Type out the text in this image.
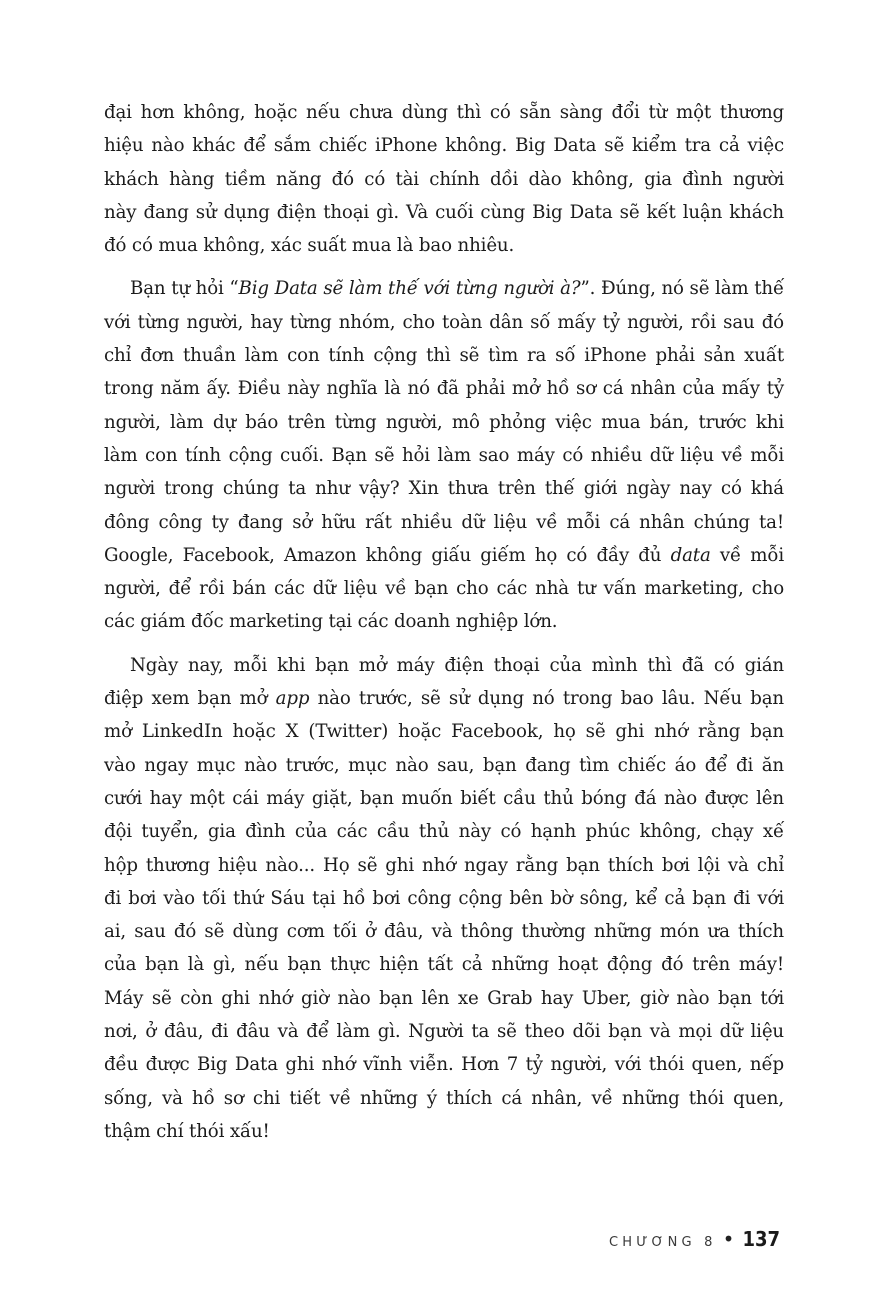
đại hơn không, hoặc nếu chưa dùng thì có sẵn sàng đổi từ một thương
hiệu nào khác để sắm chiếc iPhone không. Big Data sẽ kiểm tra cả việc
khách hàng tiềm năng đó có tài chính dồi dào không, gia đình người
này đang sử dụng điện thoại gì. Và cuối cùng Big Data sẽ kết luận khách
đó có mua không, xác suất mua là bao nhiêu.
Bạn tự hỏi “Big Data sẽ làm thế với từng người à?”. Đúng, nó sẽ làm thế
với từng người, hay từng nhóm, cho toàn dân số mấy tỷ người, rồi sau đó
chỉ đơn thuần làm con tính cộng thì sẽ tìm ra số iPhone phải sản xuất
trong năm ấy. Điều này nghĩa là nó đã phải mở hồ sơ cá nhân của mấy tỷ
người, làm dự báo trên từng người, mô phỏng việc mua bán, trước khi
làm con tính cộng cuối. Bạn sẽ hỏi làm sao máy có nhiều dữ liệu về mỗi
người trong chúng ta như vậy? Xin thưa trên thế giới ngày nay có khá
đông công ty đang sở hữu rất nhiều dữ liệu về mỗi cá nhân chúng ta!
Google, Facebook, Amazon không giấu giếm họ có đầy đủ data về mỗi
người, để rồi bán các dữ liệu về bạn cho các nhà tư vấn marketing, cho
các giám đốc marketing tại các doanh nghiệp lớn.
Ngày nay, mỗi khi bạn mở máy điện thoại của mình thì đã có gián
điệp xem bạn mở app nào trước, sẽ sử dụng nó trong bao lâu. Nếu bạn
mở LinkedIn hoặc X (Twitter) hoặc Facebook, họ sẽ ghi nhớ rằng bạn
vào ngay mục nào trước, mục nào sau, bạn đang tìm chiếc áo để đi ăn
cưới hay một cái máy giặt, bạn muốn biết cầu thủ bóng đá nào được lên
đội tuyển, gia đình của các cầu thủ này có hạnh phúc không, chạy xế
hộp thương hiệu nào... Họ sẽ ghi nhớ ngay rằng bạn thích bơi lội và chỉ
đi bơi vào tối thứ Sáu tại hồ bơi công cộng bên bờ sông, kể cả bạn đi với
ai, sau đó sẽ dùng cơm tối ở đâu, và thông thường những món ưa thích
của bạn là gì, nếu bạn thực hiện tất cả những hoạt động đó trên máy!
Máy sẽ còn ghi nhớ giờ nào bạn lên xe Grab hay Uber, giờ nào bạn tới
nơi, ở đâu, đi đâu và để làm gì. Người ta sẽ theo dõi bạn và mọi dữ liệu
đều được Big Data ghi nhớ vĩnh viễn. Hơn 7 tỷ người, với thói quen, nếp
sống, và hồ sơ chi tiết về những ý thích cá nhân, về những thói quen,
thậm chí thói xấu!
CHƯƠNG 8 • 137
